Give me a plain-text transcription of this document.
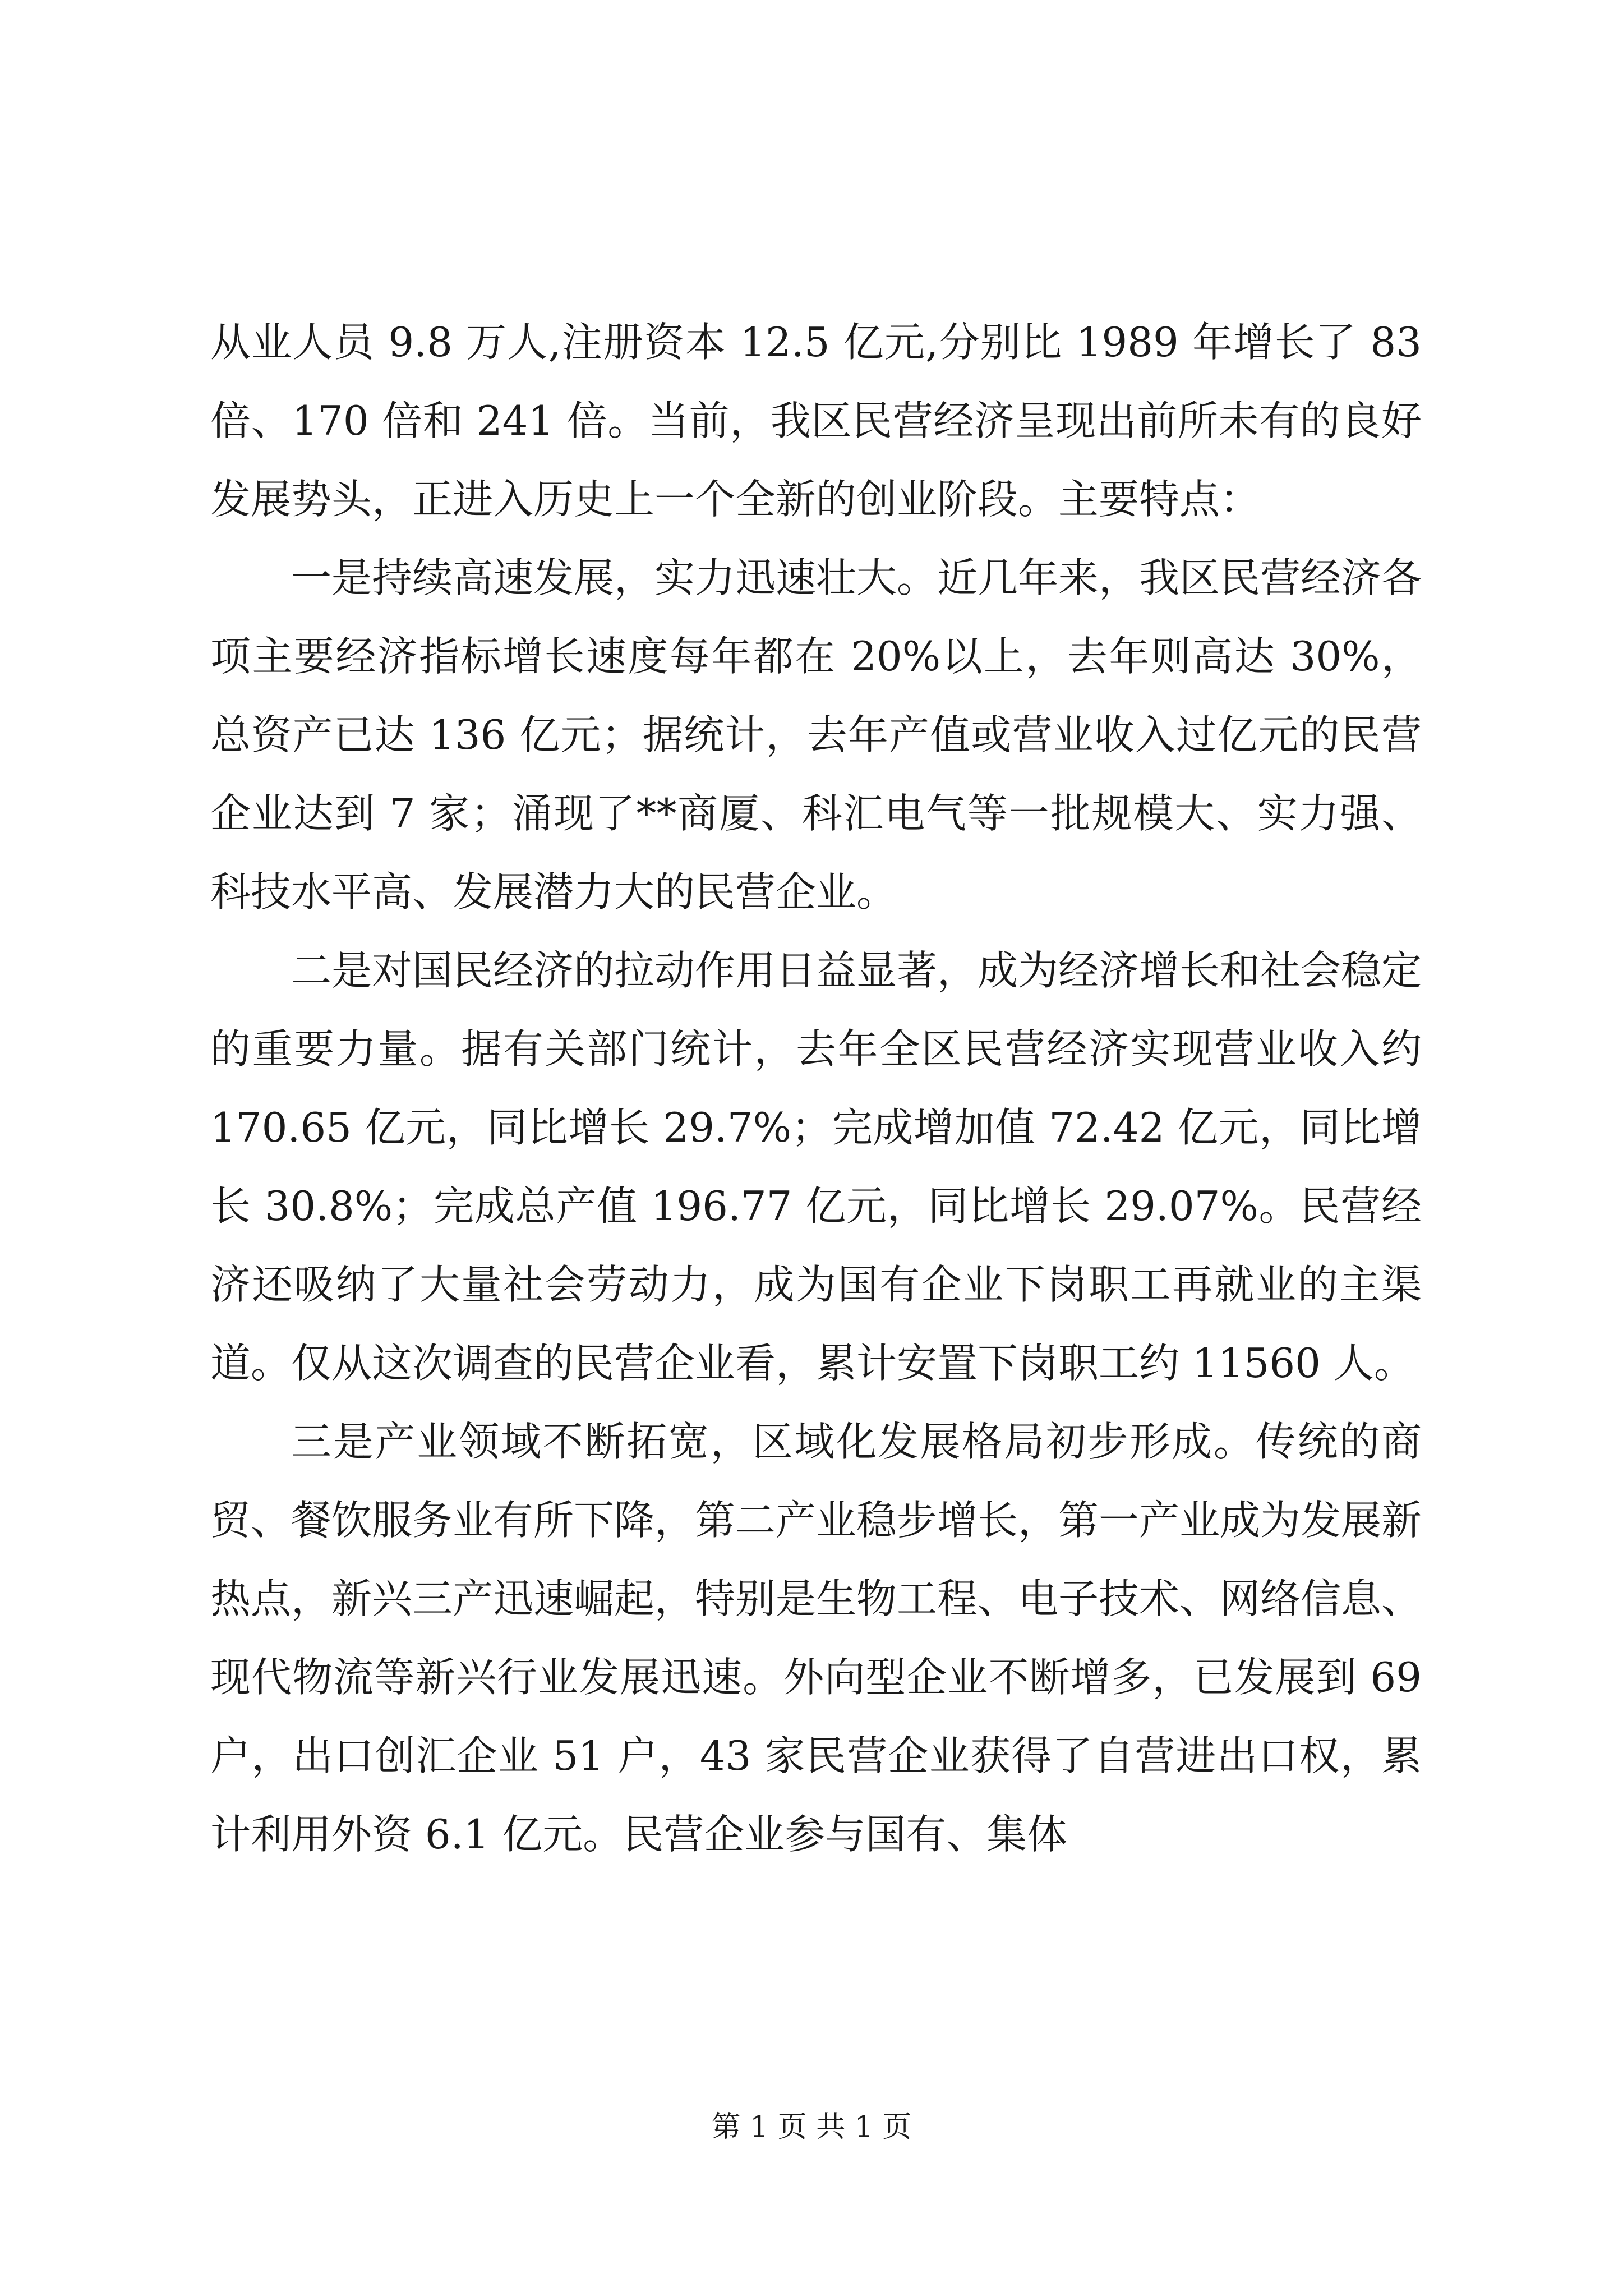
从业人员 9.8 万人,注册资本 12.5 亿元,分别比 1989 年增长了 83 倍、170 倍和 241 倍。当前，我区民营经济呈现出前所未有的良好发展势头，正进入历史上一个全新的创业阶段。主要特点：

一是持续高速发展，实力迅速壮大。近几年来，我区民营经济各项主要经济指标增长速度每年都在 20%以上，去年则高达 30%，总资产已达 136 亿元；据统计，去年产值或营业收入过亿元的民营企业达到 7 家；涌现了**商厦、科汇电气等一批规模大、实力强、科技水平高、发展潜力大的民营企业。

二是对国民经济的拉动作用日益显著，成为经济增长和社会稳定的重要力量。据有关部门统计，去年全区民营经济实现营业收入约 170.65 亿元，同比增长 29.7%；完成增加值 72.42 亿元，同比增长 30.8%；完成总产值 196.77 亿元，同比增长 29.07%。民营经济还吸纳了大量社会劳动力，成为国有企业下岗职工再就业的主渠道。仅从这次调查的民营企业看，累计安置下岗职工约 11560 人。

三是产业领域不断拓宽，区域化发展格局初步形成。传统的商贸、餐饮服务业有所下降，第二产业稳步增长，第一产业成为发展新热点，新兴三产迅速崛起，特别是生物工程、电子技术、网络信息、现代物流等新兴行业发展迅速。外向型企业不断增多，已发展到 69 户，出口创汇企业 51 户，43 家民营企业获得了自营进出口权，累计利用外资 6.1 亿元。民营企业参与国有、集体

第 1 页 共 1 页
